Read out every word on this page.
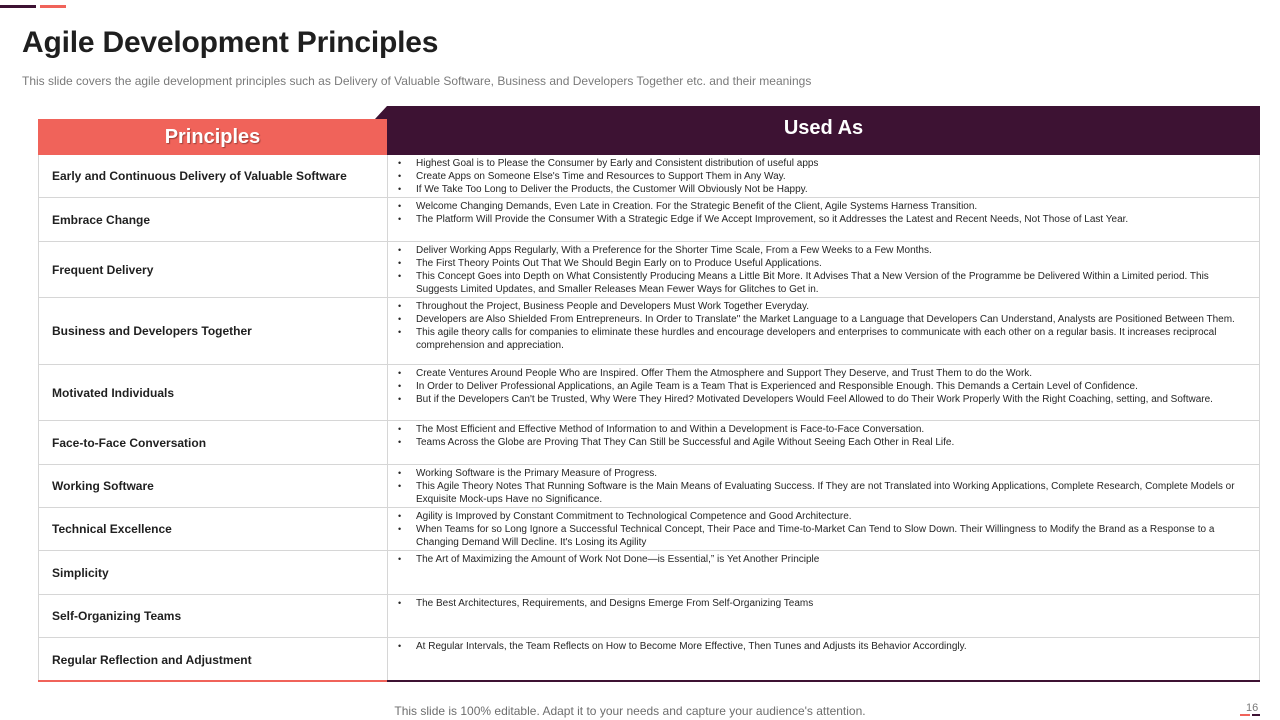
Agile Development Principles

This slide covers the agile development principles such as Delivery of Valuable Software, Business and Developers Together etc. and their meanings

Principles	Used As
Early and Continuous Delivery of Valuable Software
• Highest Goal is to Please the Consumer by Early and Consistent distribution of useful apps
• Create Apps on Someone Else's Time and Resources to Support Them in Any Way.
• If We Take Too Long to Deliver the Products, the Customer Will Obviously Not be Happy.
Embrace Change
• Welcome Changing Demands, Even Late in Creation. For the Strategic Benefit of the Client, Agile Systems Harness Transition.
• The Platform Will Provide the Consumer With a Strategic Edge if We Accept Improvement, so it Addresses the Latest and Recent Needs, Not Those of Last Year.
Frequent Delivery
• Deliver Working Apps Regularly, With a Preference for the Shorter Time Scale, From a Few Weeks to a Few Months.
• The First Theory Points Out That We Should Begin Early on to Produce Useful Applications.
• This Concept Goes into Depth on What Consistently Producing Means a Little Bit More. It Advises That a New Version of the Programme be Delivered Within a Limited period. This Suggests Limited Updates, and Smaller Releases Mean Fewer Ways for Glitches to Get in.
Business and Developers Together
• Throughout the Project, Business People and Developers Must Work Together Everyday.
• Developers are Also Shielded From Entrepreneurs. In Order to Translate" the Market Language to a Language that Developers Can Understand, Analysts are Positioned Between Them.
• This agile theory calls for companies to eliminate these hurdles and encourage developers and enterprises to communicate with each other on a regular basis. It increases reciprocal comprehension and appreciation.
Motivated Individuals
• Create Ventures Around People Who are Inspired. Offer Them the Atmosphere and Support They Deserve, and Trust Them to do the Work.
• In Order to Deliver Professional Applications, an Agile Team is a Team That is Experienced and Responsible Enough. This Demands a Certain Level of Confidence.
• But if the Developers Can't be Trusted, Why Were They Hired? Motivated Developers Would Feel Allowed to do Their Work Properly With the Right Coaching, setting, and Software.
Face-to-Face Conversation
• The Most Efficient and Effective Method of Information to and Within a Development is Face-to-Face Conversation.
• Teams Across the Globe are Proving That They Can Still be Successful and Agile Without Seeing Each Other in Real Life.
Working Software
• Working Software is the Primary Measure of Progress.
• This Agile Theory Notes That Running Software is the Main Means of Evaluating Success. If They are not Translated into Working Applications, Complete Research, Complete Models or Exquisite Mock-ups Have no Significance.
Technical Excellence
• Agility is Improved by Constant Commitment to Technological Competence and Good Architecture.
• When Teams for so Long Ignore a Successful Technical Concept, Their Pace and Time-to-Market Can Tend to Slow Down. Their Willingness to Modify the Brand as a Response to a Changing Demand Will Decline. It's Losing its Agility
Simplicity
• The Art of Maximizing the Amount of Work Not Done—is Essential,” is Yet Another Principle
Self-Organizing Teams
• The Best Architectures, Requirements, and Designs Emerge From Self-Organizing Teams
Regular Reflection and Adjustment
• At Regular Intervals, the Team Reflects on How to Become More Effective, Then Tunes and Adjusts its Behavior Accordingly.
This slide is 100% editable. Adapt it to your needs and capture your audience's attention.	16
